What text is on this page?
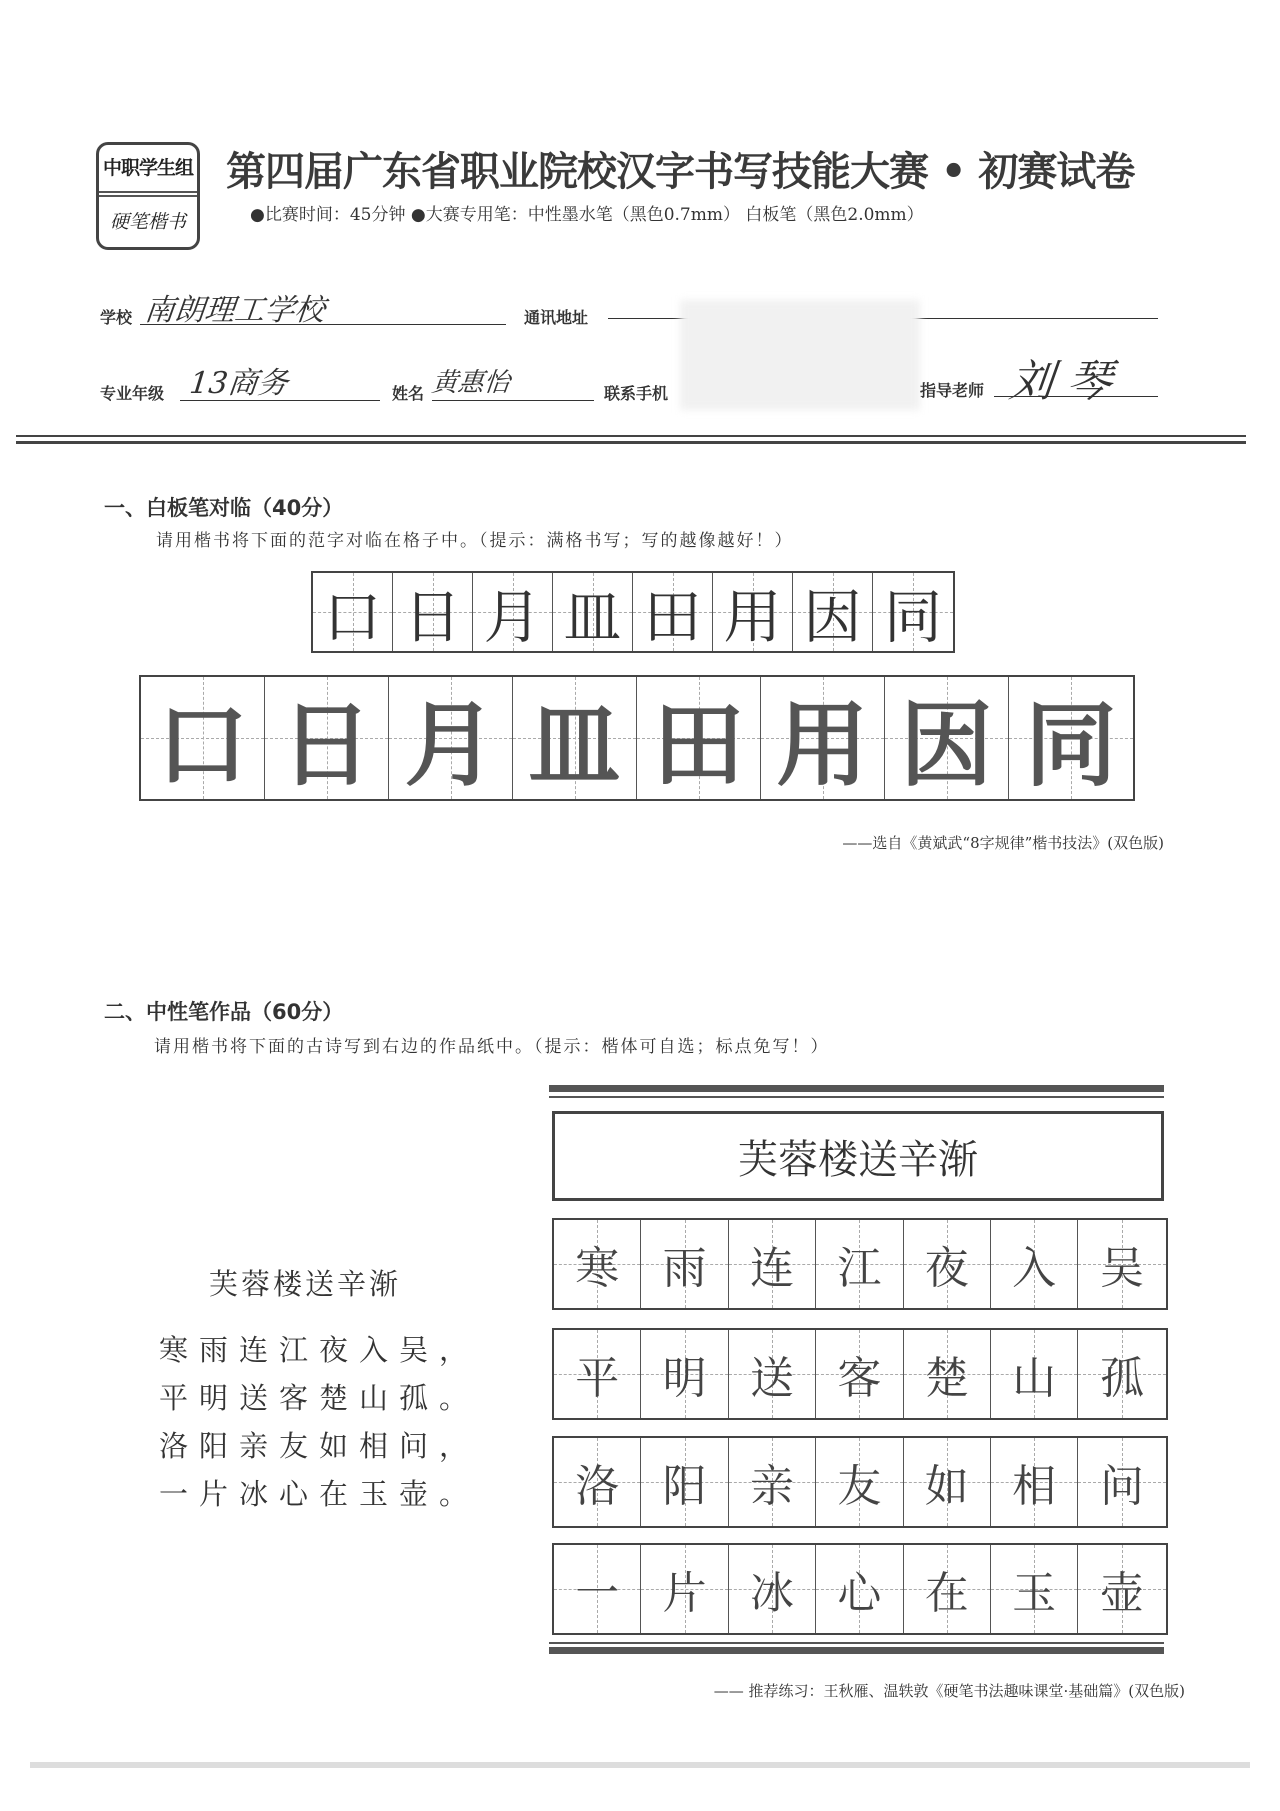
中职学生组
硬笔楷书
第四届广东省职业院校汉字书写技能大赛 • 初赛试卷
●比赛时间：45分钟 ●大赛专用笔：中性墨水笔（黑色0.7mm） 白板笔（黑色2.0mm）
学校 南朗理工学校	通讯地址
专业年级 13商务	姓名 黄惠怡	联系手机	指导老师 刘琴
一、白板笔对临（40分）
请用楷书将下面的范字对临在格子中。（提示：满格书写；写的越像越好！）
口 日 月 皿 田 用 因 同
口 日 月 皿 田 用 因 同
——选自《黄斌武“8字规律”楷书技法》(双色版)
二、中性笔作品（60分）
请用楷书将下面的古诗写到右边的作品纸中。（提示：楷体可自选；标点免写！）
芙蓉楼送辛渐
寒 雨 连 江 夜 入 吴
平 明 送 客 楚 山 孤
洛 阳 亲 友 如 相 问
一 片 冰 心 在 玉 壶
芙蓉楼送辛渐
寒雨连江夜入吴，
平明送客楚山孤。
洛阳亲友如相问，
一片冰心在玉壶。
—— 推荐练习：王秋雁、温轶敦《硬笔书法趣味课堂·基础篇》(双色版)
